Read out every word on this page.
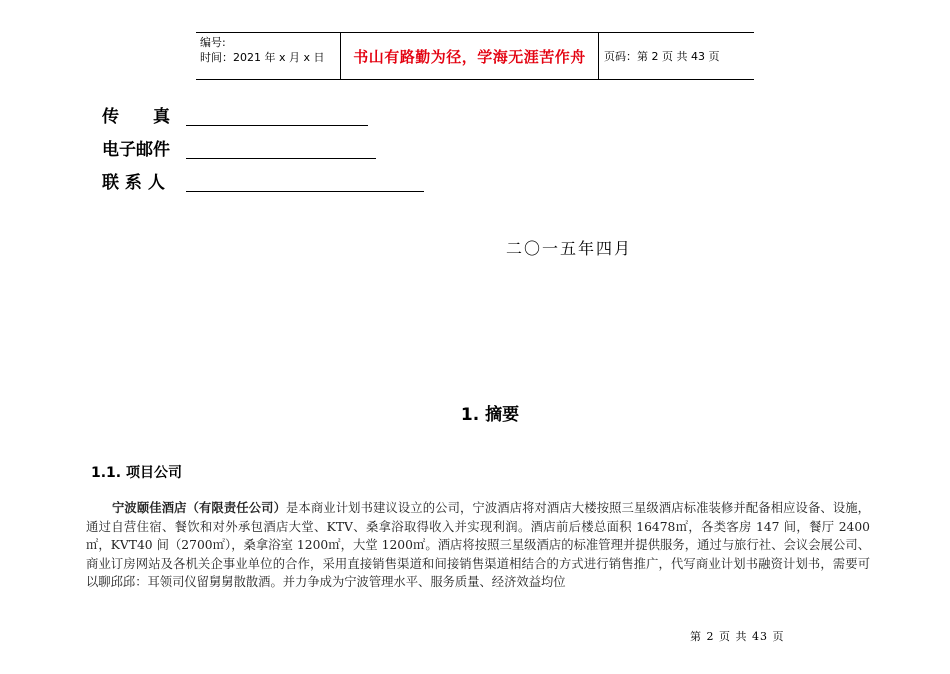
编号:
时间：2021 年 x 月 x 日	书山有路勤为径，学海无涯苦作舟	页码：第 2 页 共 43 页
传　　真
电子邮件
联 系 人
二〇一五年四月
1. 摘要
1.1. 项目公司
宁波颐佳酒店（有限责任公司）是本商业计划书建议设立的公司，宁波酒店将对酒店大楼按照三星级酒店标准装修并配备相应设备、设施，通过自营住宿、餐饮和对外承包酒店大堂、KTV、桑拿浴取得收入并实现利润。酒店前后楼总面积 16478㎡，各类客房 147 间，餐厅 2400㎡，KVT40 间（2700㎡），桑拿浴室 1200㎡，大堂 1200㎡。酒店将按照三星级酒店的标准管理并提供服务，通过与旅行社、会议会展公司、商业订房网站及各机关企事业单位的合作，采用直接销售渠道和间接销售渠道相结合的方式进行销售推广，代写商业计划书融资计划书，需要可以聊邱邱：耳领司仪留舅舅散散酒。并力争成为宁波管理水平、服务质量、经济效益均位
第 2 页 共 43 页
